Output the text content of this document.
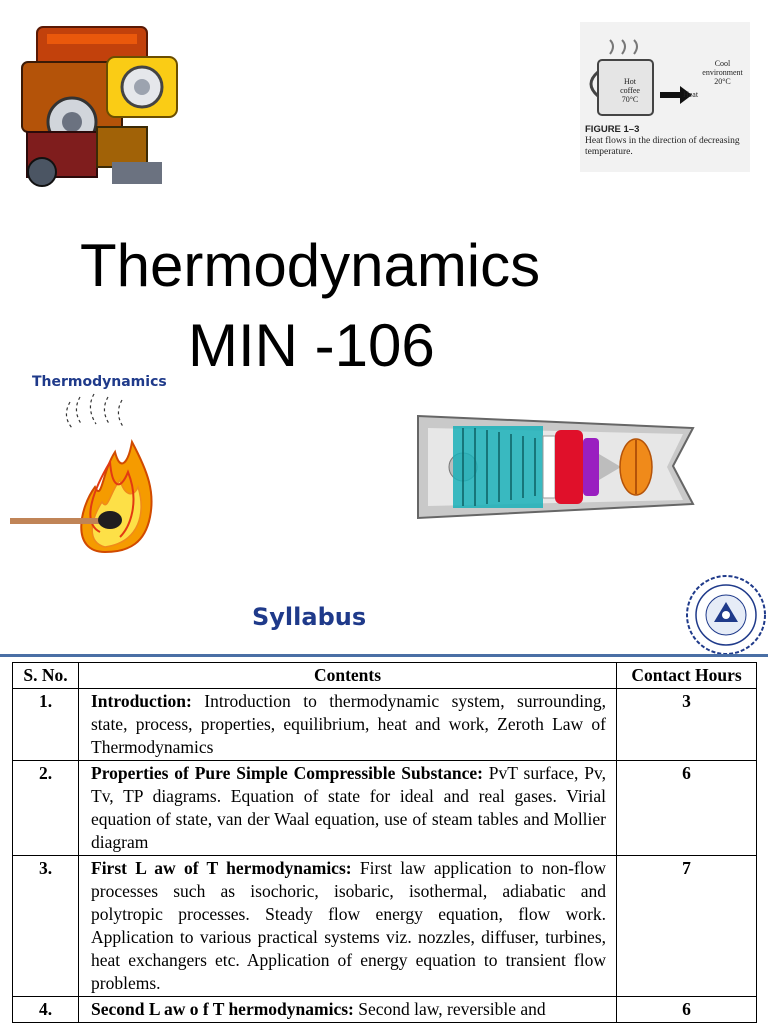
Hot coffee 70°C
Cool environment 20°C
Heat
FIGURE 1–3
Heat flows in the direction of decreasing temperature.
Thermodynamics
MIN -106
Thermodynamics
Syllabus
S. No.	Contents	Contact Hours
1.	Introduction: Introduction to thermodynamic system, surrounding, state, process, properties, equilibrium, heat and work, Zeroth Law of Thermodynamics	3
2.	Properties of Pure Simple Compressible Substance: PvT surface, Pv, Tv, TP diagrams. Equation of state for ideal and real gases. Virial equation of state, van der Waal equation, use of steam tables and Mollier diagram	6
3.	First L aw of T hermodynamics: First law application to non-flow processes such as isochoric, isobaric, isothermal, adiabatic and polytropic processes. Steady flow energy equation, flow work. Application to various practical systems viz. nozzles, diffuser, turbines, heat exchangers etc. Application of energy equation to transient flow problems.	7
4.	Second L aw o f T hermodynamics: Second law, reversible and	6
